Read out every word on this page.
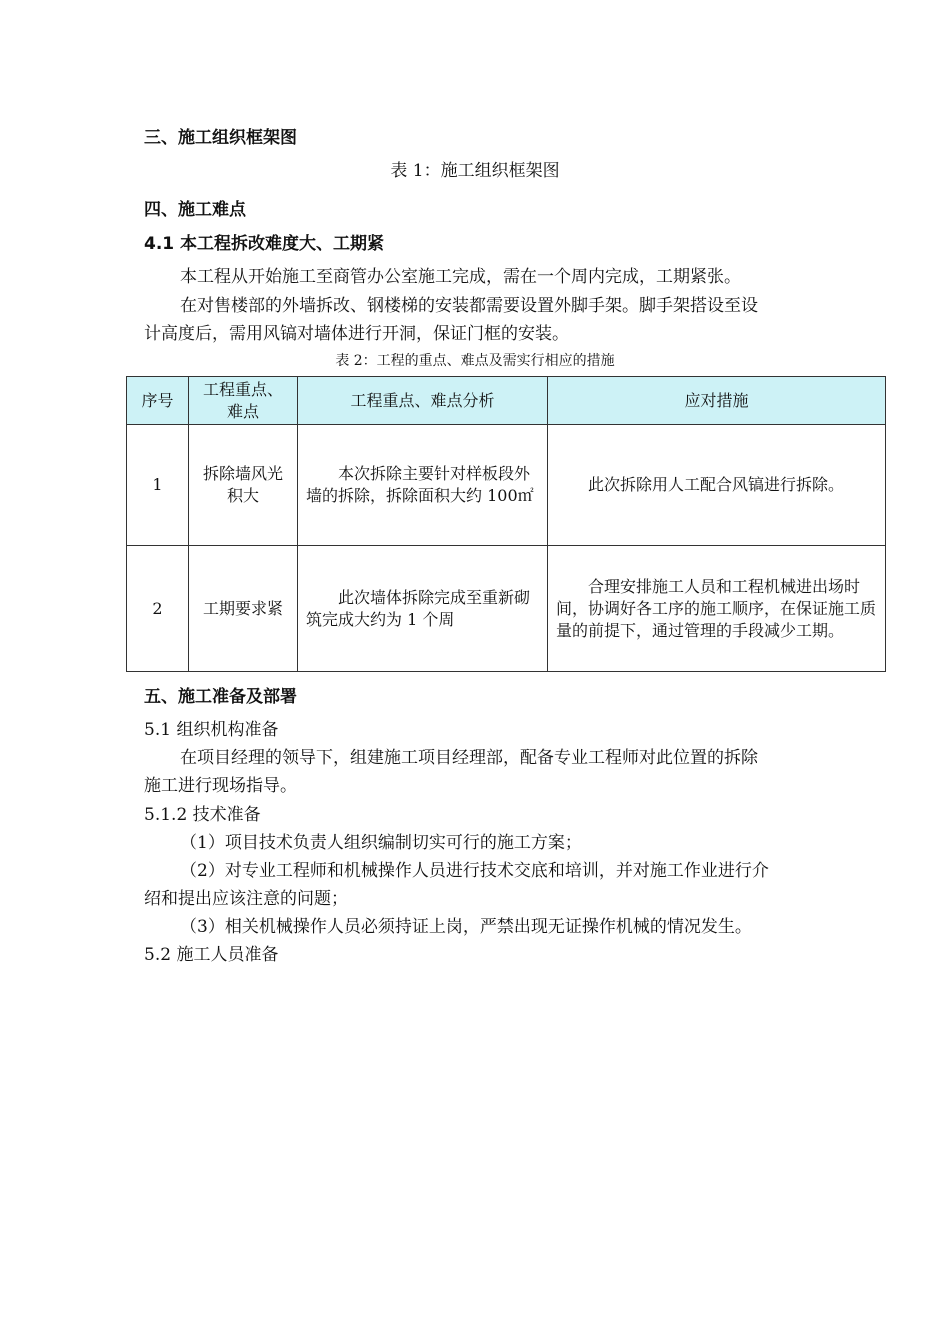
三、施工组织框架图
表 1：施工组织框架图
四、施工难点
4.1 本工程拆改难度大、工期紧
本工程从开始施工至商管办公室施工完成，需在一个周内完成，工期紧张。
在对售楼部的外墙拆改、钢楼梯的安装都需要设置外脚手架。脚手架搭设至设
计高度后，需用风镐对墙体进行开洞，保证门框的安装。
表 2：工程的重点、难点及需实行相应的措施
序号	工程重点、难点	工程重点、难点分析	应对措施
1	拆除墙风光积大	本次拆除主要针对样板段外墙的拆除，拆除面积大约 100㎡	此次拆除用人工配合风镐进行拆除。
2	工期要求紧	此次墙体拆除完成至重新砌筑完成大约为 1 个周	合理安排施工人员和工程机械进出场时间，协调好各工序的施工顺序，在保证施工质量的前提下，通过管理的手段减少工期。
五、施工准备及部署
5.1 组织机构准备
在项目经理的领导下，组建施工项目经理部，配备专业工程师对此位置的拆除
施工进行现场指导。
5.1.2 技术准备
（1）项目技术负责人组织编制切实可行的施工方案；
（2）对专业工程师和机械操作人员进行技术交底和培训，并对施工作业进行介
绍和提出应该注意的问题；
（3）相关机械操作人员必须持证上岗，严禁出现无证操作机械的情况发生。
5.2 施工人员准备
